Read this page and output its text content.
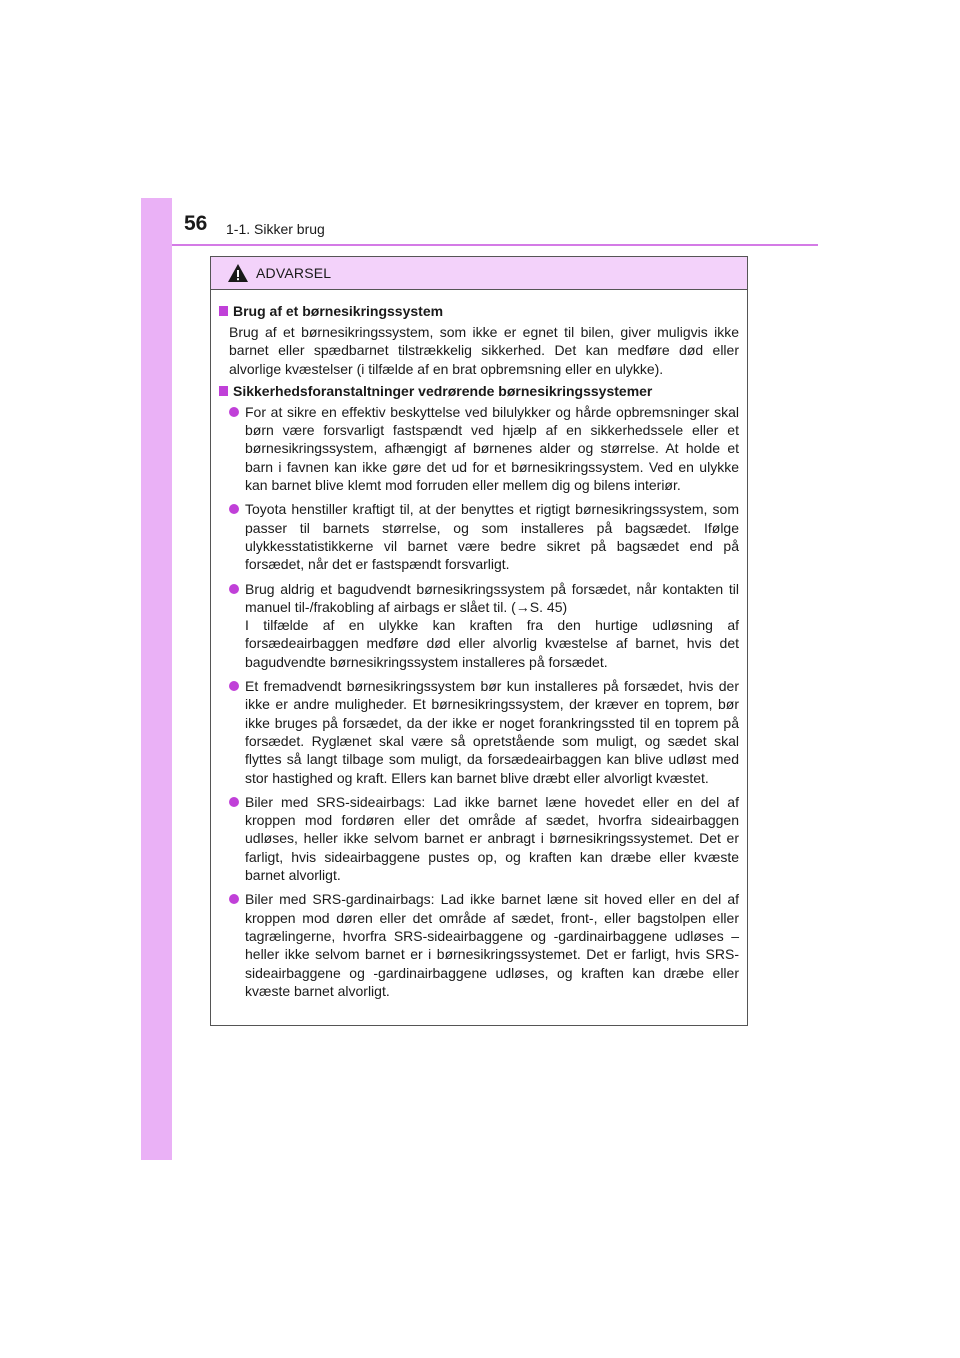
56 1-1. Sikker brug
ADVARSEL
Brug af et børnesikringssystem

Brug af et børnesikringssystem, som ikke er egnet til bilen, giver muligvis ikke barnet eller spædbarnet tilstrækkelig sikkerhed. Det kan medføre død eller alvorlige kvæstelser (i tilfælde af en brat opbremsning eller en ulykke).

Sikkerhedsforanstaltninger vedrørende børnesikringssystemer

For at sikre en effektiv beskyttelse ved bilulykker og hårde opbremsninger skal børn være forsvarligt fastspændt ved hjælp af en sikkerhedssele eller et børnesikringssystem, afhængigt af børnenes alder og størrelse. At holde et barn i favnen kan ikke gøre det ud for et børnesikringssystem. Ved en ulykke kan barnet blive klemt mod forruden eller mellem dig og bilens interiør.

Toyota henstiller kraftigt til, at der benyttes et rigtigt børnesikringssystem, som passer til barnets størrelse, og som installeres på bagsædet. Ifølge ulykkesstatistikkerne vil barnet være bedre sikret på bagsædet end på forsædet, når det er fastspændt forsvarligt.

Brug aldrig et bagudvendt børnesikringssystem på forsædet, når kontakten til manuel til-/frakobling af airbags er slået til. (→S. 45)

I tilfælde af en ulykke kan kraften fra den hurtige udløsning af forsædeairbaggen medføre død eller alvorlig kvæstelse af barnet, hvis det bagudvendte børnesikringssystem installeres på forsædet.

Et fremadvendt børnesikringssystem bør kun installeres på forsædet, hvis der ikke er andre muligheder. Et børnesikringssystem, der kræver en toprem, bør ikke bruges på forsædet, da der ikke er noget forankringssted til en toprem på forsædet. Ryglænet skal være så opretstående som muligt, og sædet skal flyttes så langt tilbage som muligt, da forsædeairbaggen kan blive udløst med stor hastighed og kraft. Ellers kan barnet blive dræbt eller alvorligt kvæstet.

Biler med SRS-sideairbags: Lad ikke barnet læne hovedet eller en del af kroppen mod fordøren eller det område af sædet, hvorfra sideairbaggen udløses, heller ikke selvom barnet er anbragt i børnesikringssystemet. Det er farligt, hvis sideairbaggene pustes op, og kraften kan dræbe eller kvæste barnet alvorligt.

Biler med SRS-gardinairbags: Lad ikke barnet læne sit hoved eller en del af kroppen mod døren eller det område af sædet, front-, eller bagstolpen eller tagrælingerne, hvorfra SRS-sideairbaggene og -gardinairbaggene udløses – heller ikke selvom barnet er i børnesikringssystemet. Det er farligt, hvis SRS-sideairbaggene og -gardinairbaggene udløses, og kraften kan dræbe eller kvæste barnet alvorligt.
